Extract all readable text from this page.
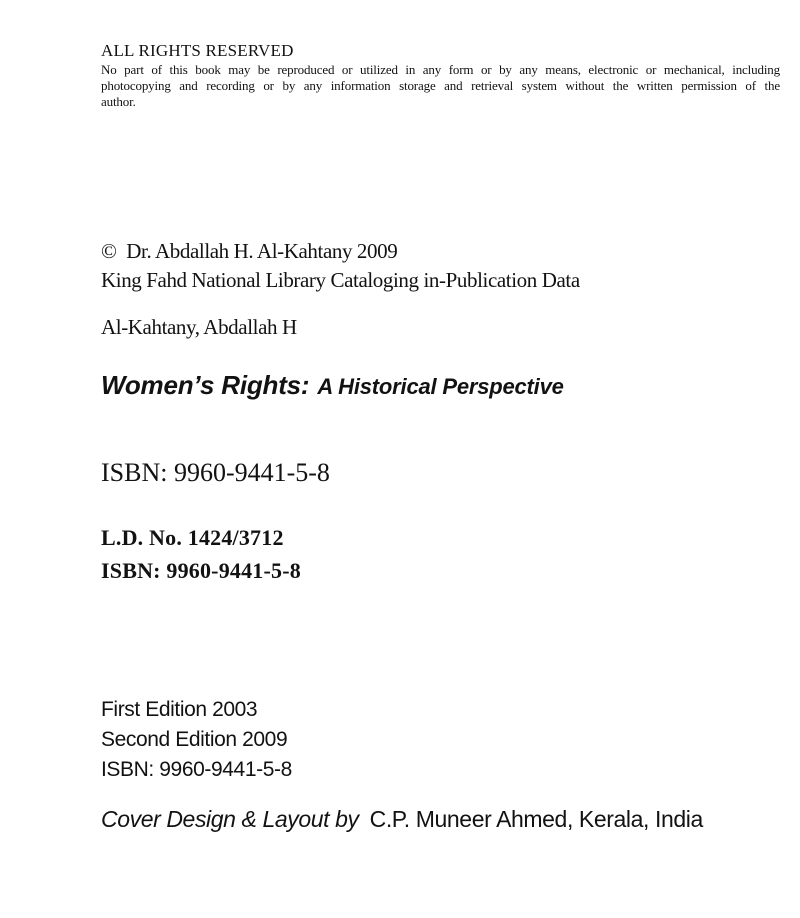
ALL RIGHTS RESERVED
No part of this book may be reproduced or utilized in any form or by any means, electronic or mechanical, including
photocopying and recording or by any information storage and retrieval system without the written permission of the
author.
©  Dr. Abdallah H. Al-Kahtany 2009
King Fahd National Library Cataloging in-Publication Data
Al-Kahtany, Abdallah H
Women’s Rights: A Historical Perspective
ISBN: 9960-9441-5-8
L.D. No. 1424/3712
ISBN: 9960-9441-5-8
First Edition 2003
Second Edition 2009
ISBN: 9960-9441-5-8
Cover Design & Layout by C.P. Muneer Ahmed, Kerala, India
